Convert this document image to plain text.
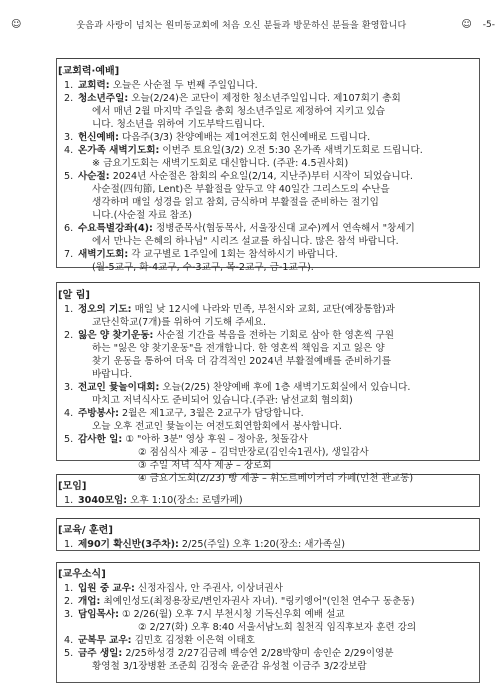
☺	웃음과 사랑이 넘치는 원미동교회에 처음 오신 분들과 방문하신 분들을 환영합니다	☺ -5-
[교회력·예배]
1. 교회력: 오늘은 사순절 두 번째 주일입니다.
2. 청소년주일: 오늘(2/24)은 교단이 제정한 청소년주일입니다. 제107회기 총회
에서 매년 2월 마지막 주일을 총회 청소년주일로 제정하여 지키고 있습
니다. 청소년을 위하여 기도부탁드립니다.
3. 헌신예배: 다음주(3/3) 찬양예배는 제1여전도회 헌신예배로 드립니다.
4. 온가족 새벽기도회: 이번주 토요일(3/2) 오전 5:30 온가족 새벽기도회로 드립니다.
※ 금요기도회는 새벽기도회로 대신합니다. (주관: 4.5권사회)
5. 사순절: 2024년 사순절은 참회의 수요일(2/14, 지난주)부터 시작이 되었습니다.
사순절(四旬節, Lent)은 부활절을 앞두고 약 40일간 그리스도의 수난을
생각하며 매일 성경을 읽고 참회, 금식하며 부활절을 준비하는 절기입
니다.(사순절 자료 참조)
6. 수요특별강좌(4): 정병준목사(협동목사, 서울장신대 교수)께서 연속해서 "창세기
에서 만나는 은혜의 하나님" 시리즈 설교를 하십니다. 많은 참석 바랍니다.
7. 새벽기도회: 각 교구별로 1주일에 1회는 참석하시기 바랍니다.
(월-5교구, 화-4교구, 수-3교구, 목-2교구, 금-1교구).
[알 림]
1. 정오의 기도: 매일 낮 12시에 나라와 민족, 부천시와 교회, 교단(예장통합)과
교단신학교(7개)를 위하여 기도해 주세요.
2. 잃은 양 찾기운동: 사순절 기간을 복음을 전하는 기회로 삼아 한 영혼씩 구원
하는 "잃은 양 찾기운동"을 전개합니다. 한 영혼씩 책임을 지고 잃은 양
찾기 운동을 통하여 더욱 더 감격적인 2024년 부활절예배를 준비하기를
바랍니다.
3. 전교인 뮻놀이대회: 오늘(2/25) 찬양예배 후에 1층 새벽기도회실에서 있습니다.
마치고 저녁식사도 준비되어 있습니다.(주관: 남선교회 협의회)
4. 주방봉사: 2월은 제1교구, 3월은 2교구가 담당합니다.
오늘 오후 전교인 뮻놀이는 여전도회연합회에서 봉사합니다.
5. 감사한 일: ① "아하 3분" 영상 후원 – 정아윤, 첫돌감사
② 점심식사 제공 – 김덕만장로(김인숙1권사), 생일감사
③ 주일 저녁 식사 제공 – 장로회
④ 금요기도회(2/23) 빵 제공 – 휘도르베이커리 카페(인천 관교동)
[모임]
1. 3040모임: 오후 1:10(장소: 로뎀카페)
[교육/ 훈련]
1. 제90기 확신반(3주차): 2/25(주일) 오후 1:20(장소: 새가족실)
[교우소식]
1. 입원 중 교우: 신정자집사, 안 주권사, 이상녀권사
2. 개업: 최예인성도(최정용장로/변인자권사 자녀). "링키엥어"(인천 연수구 동춘동)
3. 담임목사: ① 2/26(월) 오후 7시 부천시청 기독신우회 예배 설교
② 2/27(화) 오후 8:40 서울서남노회 칠천직 임직후보자 훈련 강의
4. 군복무 교우: 김민호 김정환 이은혁 이태호
5. 금주 생일: 2/25하성경 2/27김금례 백승연 2/28박향미 송인순 2/29이영분
황영철 3/1장병환 조준희 김정숙 윤준감 유성철 이금주 3/2강보람
